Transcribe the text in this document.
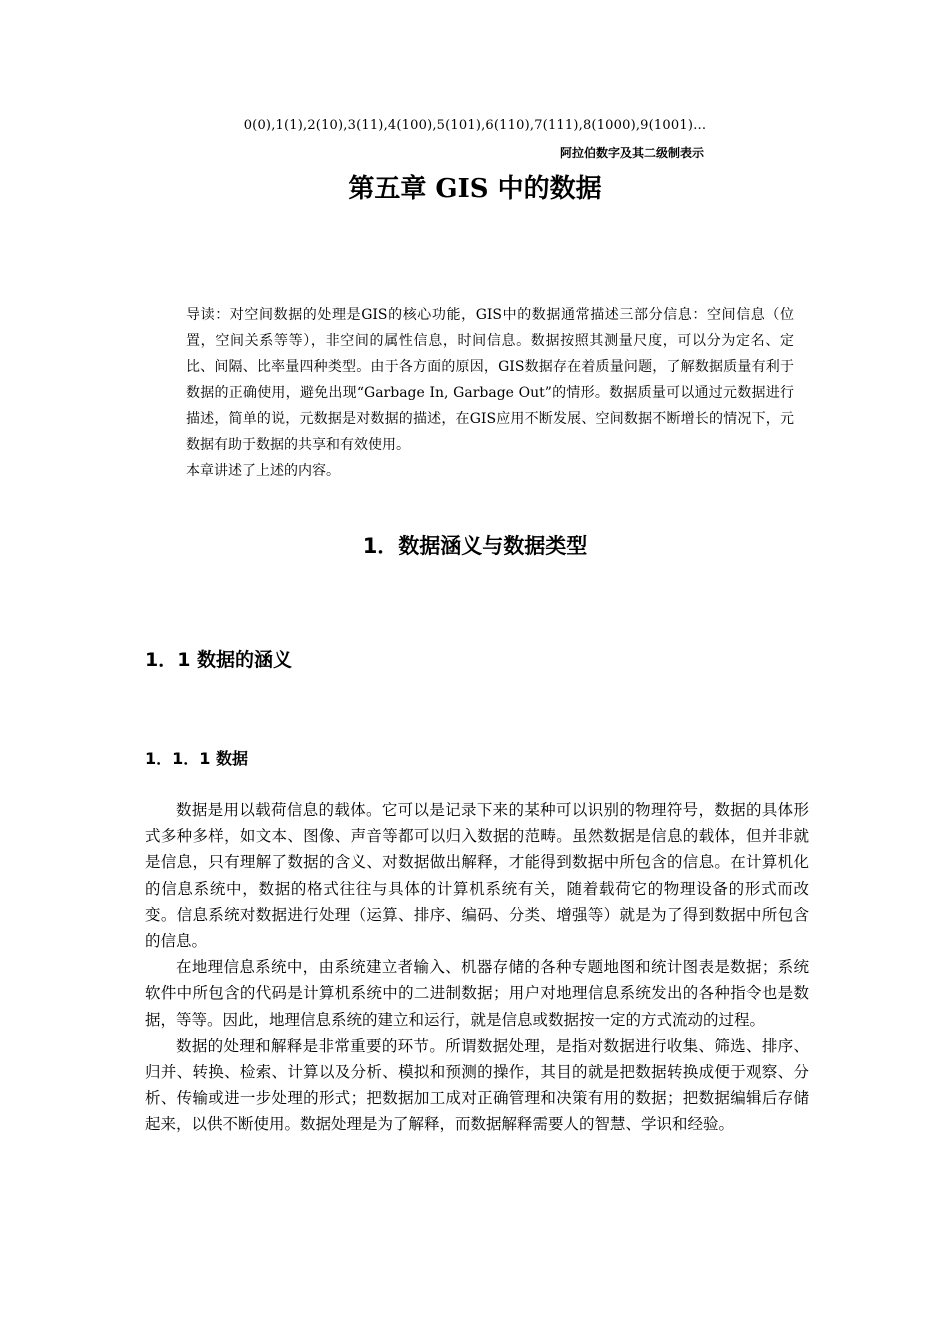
0(0),1(1),2(10),3(11),4(100),5(101),6(110),7(111),8(1000),9(1001)…
阿拉伯数字及其二级制表示
第五章 GIS 中的数据

导读：对空间数据的处理是GIS的核心功能，GIS中的数据通常描述三部分信息：空间信息（位置，空间关系等等），非空间的属性信息，时间信息。数据按照其测量尺度，可以分为定名、定比、间隔、比率量四种类型。由于各方面的原因，GIS数据存在着质量问题，了解数据质量有利于数据的正确使用，避免出现“Garbage In, Garbage Out”的情形。数据质量可以通过元数据进行描述，简单的说，元数据是对数据的描述，在GIS应用不断发展、空间数据不断增长的情况下，元数据有助于数据的共享和有效使用。

本章讲述了上述的内容。

1．数据涵义与数据类型
1．1 数据的涵义
1．1．1 数据

数据是用以载荷信息的载体。它可以是记录下来的某种可以识别的物理符号，数据的具体形式多种多样，如文本、图像、声音等都可以归入数据的范畴。虽然数据是信息的载体，但并非就是信息，只有理解了数据的含义、对数据做出解释，才能得到数据中所包含的信息。在计算机化的信息系统中，数据的格式往往与具体的计算机系统有关，随着载荷它的物理设备的形式而改变。信息系统对数据进行处理（运算、排序、编码、分类、增强等）就是为了得到数据中所包含的信息。

在地理信息系统中，由系统建立者输入、机器存储的各种专题地图和统计图表是数据；系统软件中所包含的代码是计算机系统中的二进制数据；用户对地理信息系统发出的各种指令也是数据，等等。因此，地理信息系统的建立和运行，就是信息或数据按一定的方式流动的过程。

数据的处理和解释是非常重要的环节。所谓数据处理，是指对数据进行收集、筛选、排序、归并、转换、检索、计算以及分析、模拟和预测的操作，其目的就是把数据转换成便于观察、分析、传输或进一步处理的形式；把数据加工成对正确管理和决策有用的数据；把数据编辑后存储起来，以供不断使用。数据处理是为了解释，而数据解释需要人的智慧、学识和经验。
